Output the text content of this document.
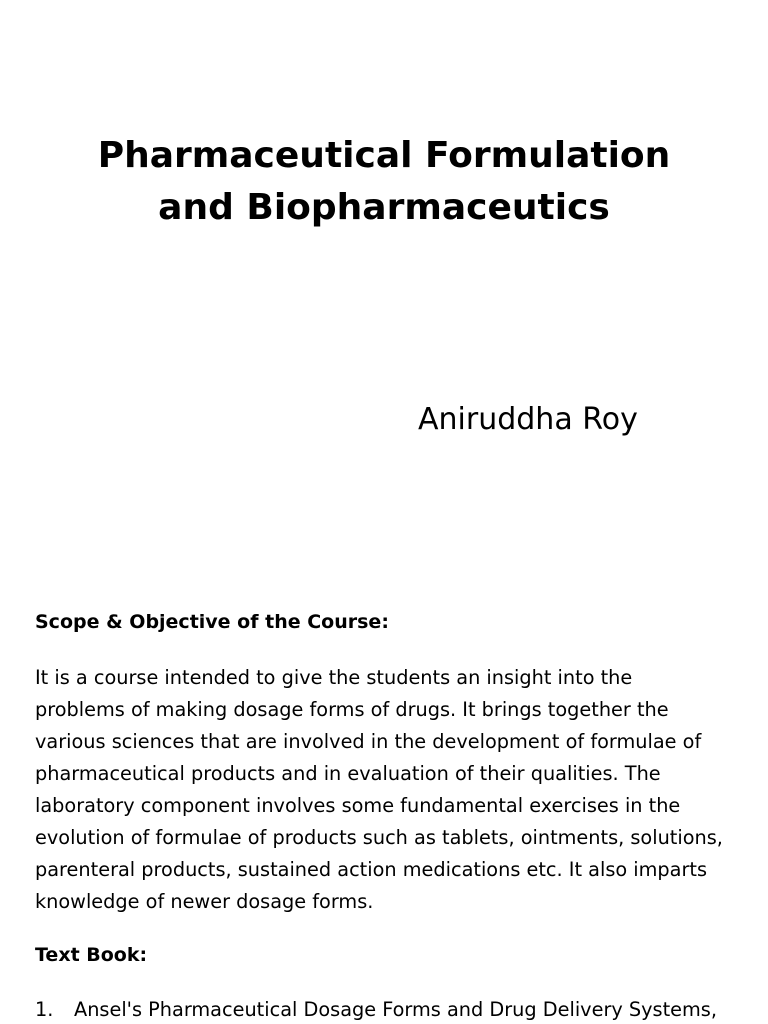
Pharmaceutical Formulation
and Biopharmaceutics
Aniruddha Roy
Scope & Objective of the Course:
It is a course intended to give the students an insight into the
problems of making dosage forms of drugs. It brings together the
various sciences that are involved in the development of formulae of
pharmaceutical products and in evaluation of their qualities. The
laboratory component involves some fundamental exercises in the
evolution of formulae of products such as tablets, ointments, solutions,
parenteral products, sustained action medications etc. It also imparts
knowledge of newer dosage forms.
Text Book:
1. Ansel's Pharmaceutical Dosage Forms and Drug Delivery Systems,
